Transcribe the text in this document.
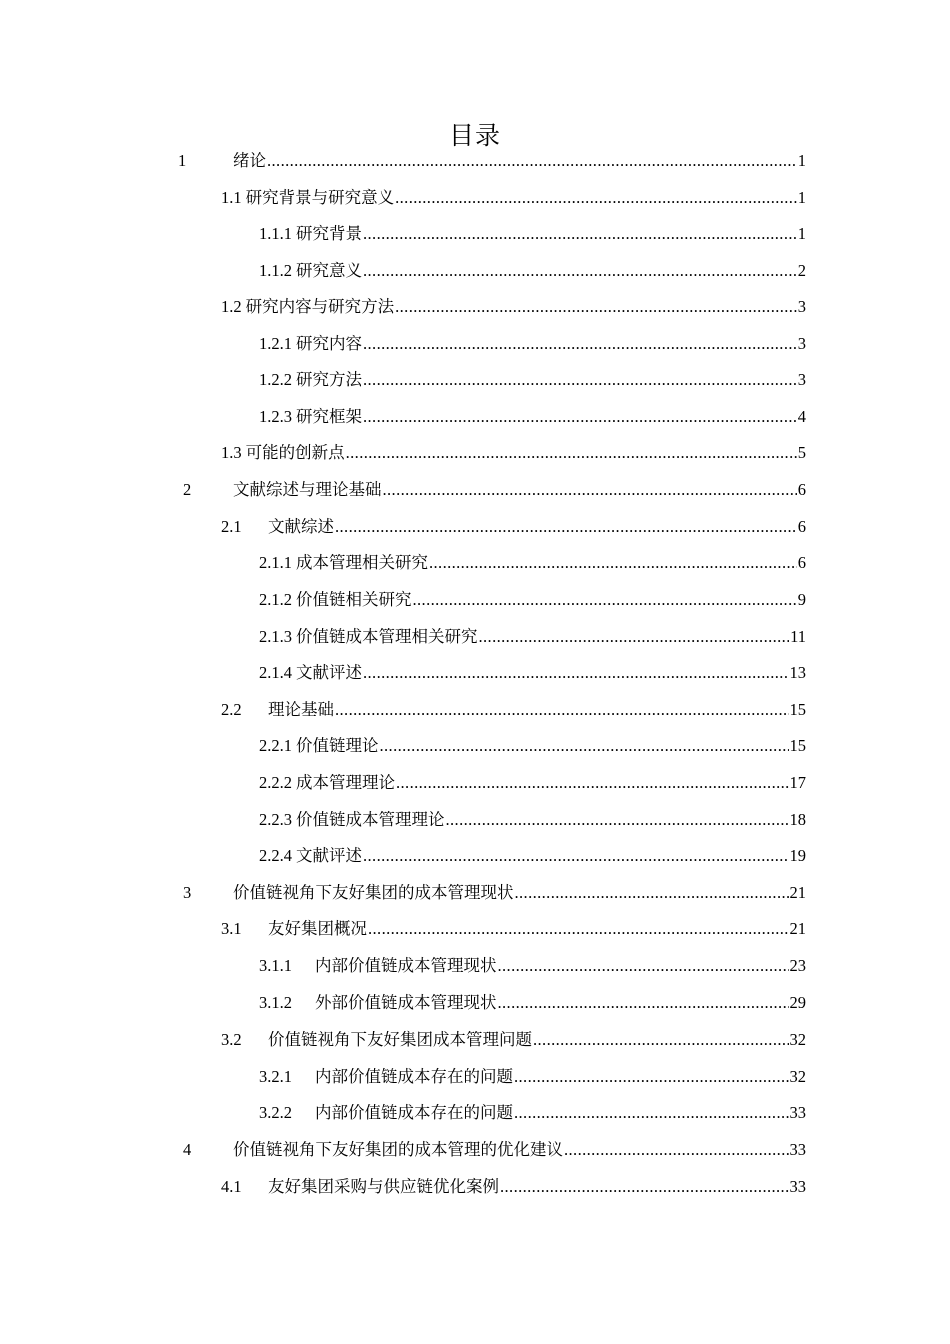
目录
1	绪论 .....	1
1.1 研究背景与研究意义 .....	1
1.1.1 研究背景 .....	1
1.1.2 研究意义 .....	2
1.2 研究内容与研究方法 .....	3
1.2.1 研究内容 .....	3
1.2.2 研究方法 .....	3
1.2.3 研究框架 .....	4
1.3 可能的创新点 .....	5
2	文献综述与理论基础 .....	6
2.1	文献综述 .....	6
2.1.1 成本管理相关研究 .....	6
2.1.2 价值链相关研究 .....	9
2.1.3 价值链成本管理相关研究 .....	11
2.1.4 文献评述 .....	13
2.2	理论基础 .....	15
2.2.1 价值链理论 .....	15
2.2.2 成本管理理论 .....	17
2.2.3 价值链成本管理理论 .....	18
2.2.4 文献评述 .....	19
3	价值链视角下友好集团的成本管理现状 .....	21
3.1	友好集团概况 .....	21
3.1.1	内部价值链成本管理现状 .....	23
3.1.2	外部价值链成本管理现状 .....	29
3.2	价值链视角下友好集团成本管理问题 .....	32
3.2.1	内部价值链成本存在的问题 .....	32
3.2.2	内部价值链成本存在的问题 .....	33
4	价值链视角下友好集团的成本管理的优化建议 .....	33
4.1	友好集团采购与供应链优化案例 .....	33
